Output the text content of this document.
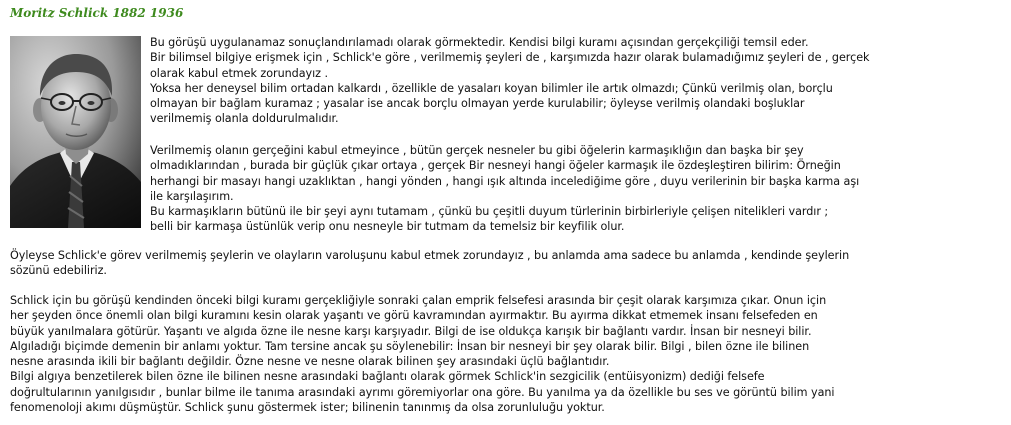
Moritz Schlick 1882 1936

Bu görüşü uygulanamaz sonuçlandırılamadı olarak görmektedir. Kendisi bilgi kuramı açısından gerçekçiliği temsil eder.
Bir bilimsel bilgiye erişmek için , Schlick'e göre , verilmemiş şeyleri de , karşımızda hazır olarak bulamadığımız şeyleri de , gerçek
olarak kabul etmek zorundayız .
Yoksa her deneysel bilim ortadan kalkardı , özellikle de yasaları koyan bilimler ile artık olmazdı; Çünkü verilmiş olan, borçlu
olmayan bir bağlam kuramaz ; yasalar ise ancak borçlu olmayan yerde kurulabilir; öyleyse verilmiş olandaki boşluklar
verilmemiş olanla doldurulmalıdır.

Verilmemiş olanın gerçeğini kabul etmeyince , bütün gerçek nesneler bu gibi öğelerin karmaşıklığın dan başka bir şey
olmadıklarından , burada bir güçlük çıkar ortaya , gerçek Bir nesneyi hangi öğeler karmaşık ile özdeşleştiren bilirim: Örneğin
herhangi bir masayı hangi uzaklıktan , hangi yönden , hangi ışık altında incelediğime göre , duyu verilerinin bir başka karma aşı
ile karşılaşırım.
Bu karmaşıkların bütünü ile bir şeyi aynı tutamam , çünkü bu çeşitli duyum türlerinin birbirleriyle çelişen nitelikleri vardır ;
belli bir karmaşa üstünlük verip onu nesneyle bir tutmam da temelsiz bir keyfilik olur.

Öyleyse Schlick'e görev verilmemiş şeylerin ve olayların varoluşunu kabul etmek zorundayız , bu anlamda ama sadece bu anlamda , kendinde şeylerin
sözünü edebiliriz.

Schlick için bu görüşü kendinden önceki bilgi kuramı gerçekliğiyle sonraki çalan emprik felsefesi arasında bir çeşit olarak karşımıza çıkar. Onun için
her şeyden önce önemli olan bilgi kuramını kesin olarak yaşantı ve görü kavramından ayırmaktır. Bu ayırma dikkat etmemek insanı felsefeden en
büyük yanılmalara götürür. Yaşantı ve algıda özne ile nesne karşı karşıyadır. Bilgi de ise oldukça karışık bir bağlantı vardır. İnsan bir nesneyi bilir.
Algıladığı biçimde demenin bir anlamı yoktur. Tam tersine ancak şu söylenebilir: İnsan bir nesneyi bir şey olarak bilir. Bilgi , bilen özne ile bilinen
nesne arasında ikili bir bağlantı değildir. Özne nesne ve nesne olarak bilinen şey arasındaki üçlü bağlantıdır.
Bilgi algıya benzetilerek bilen özne ile bilinen nesne arasındaki bağlantı olarak görmek Schlick'in sezgicilik (entüisyonizm) dediği felsefe
doğrultularının yanılgısıdır , bunlar bilme ile tanıma arasındaki ayrımı göremiyorlar ona göre. Bu yanılma ya da özellikle bu ses ve görüntü bilim yani
fenomenoloji akımı düşmüştür. Schlick şunu göstermek ister; bilinenin tanınmış da olsa zorunluluğu yoktur.
